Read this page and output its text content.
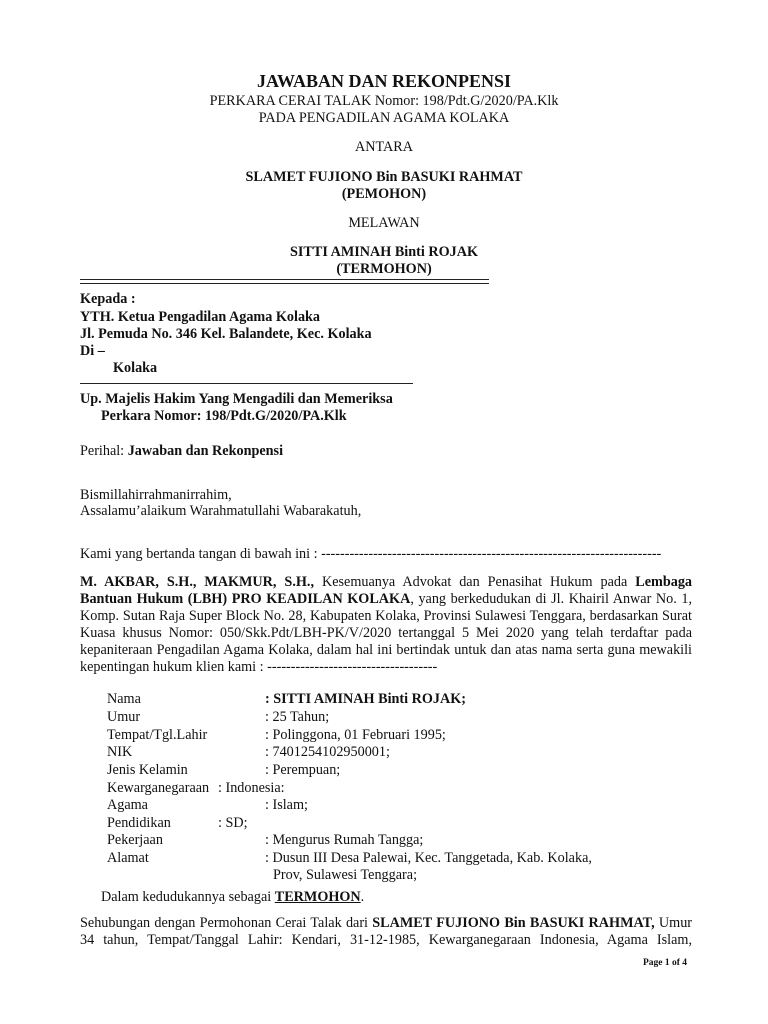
JAWABAN DAN REKONPENSI
PERKARA CERAI TALAK Nomor: 198/Pdt.G/2020/PA.Klk
PADA PENGADILAN AGAMA KOLAKA
ANTARA
SLAMET FUJIONO Bin BASUKI RAHMAT
(PEMOHON)
MELAWAN
SITTI AMINAH Binti ROJAK
(TERMOHON)
Kepada :
YTH. Ketua Pengadilan Agama Kolaka
Jl. Pemuda No. 346 Kel. Balandete, Kec. Kolaka
Di –
Kolaka
Up. Majelis Hakim Yang Mengadili dan Memeriksa
Perkara Nomor: 198/Pdt.G/2020/PA.Klk
Perihal: Jawaban dan Rekonpensi
Bismillahirrahmanirrahim,
Assalamu’alaikum Warahmatullahi Wabarakatuh,
Kami yang bertanda tangan di bawah ini : ------------------------------------------------------------------------
M. AKBAR, S.H., MAKMUR, S.H., Kesemuanya Advokat dan Penasihat Hukum pada Lembaga
Bantuan Hukum (LBH) PRO KEADILAN KOLAKA, yang berkedudukan di Jl. Khairil Anwar No. 1,
Komp. Sutan Raja Super Block No. 28, Kabupaten Kolaka, Provinsi Sulawesi Tenggara, berdasarkan Surat
Kuasa khusus Nomor: 050/Skk.Pdt/LBH-PK/V/2020 tertanggal 5 Mei 2020 yang telah terdaftar pada
kepaniteraan Pengadilan Agama Kolaka, dalam hal ini bertindak untuk dan atas nama serta guna mewakili
kepentingan hukum klien kami : ------------------------------------
Nama	: SITTI AMINAH Binti ROJAK;
Umur	: 25 Tahun;
Tempat/Tgl.Lahir	: Polinggona, 01 Februari 1995;
NIK	: 7401254102950001;
Jenis Kelamin	: Perempuan;
Kewarganegaraan : Indonesia:
Agama	: Islam;
Pendidikan	: SD;
Pekerjaan	: Mengurus Rumah Tangga;
Alamat	: Dusun III Desa Palewai, Kec. Tanggetada, Kab. Kolaka,
Prov, Sulawesi Tenggara;
Dalam kedudukannya sebagai TERMOHON.
Sehubungan dengan Permohonan Cerai Talak dari SLAMET FUJIONO Bin BASUKI RAHMAT, Umur
34 tahun, Tempat/Tanggal Lahir: Kendari, 31-12-1985, Kewarganegaraan Indonesia, Agama Islam,
Page 1 of 4
